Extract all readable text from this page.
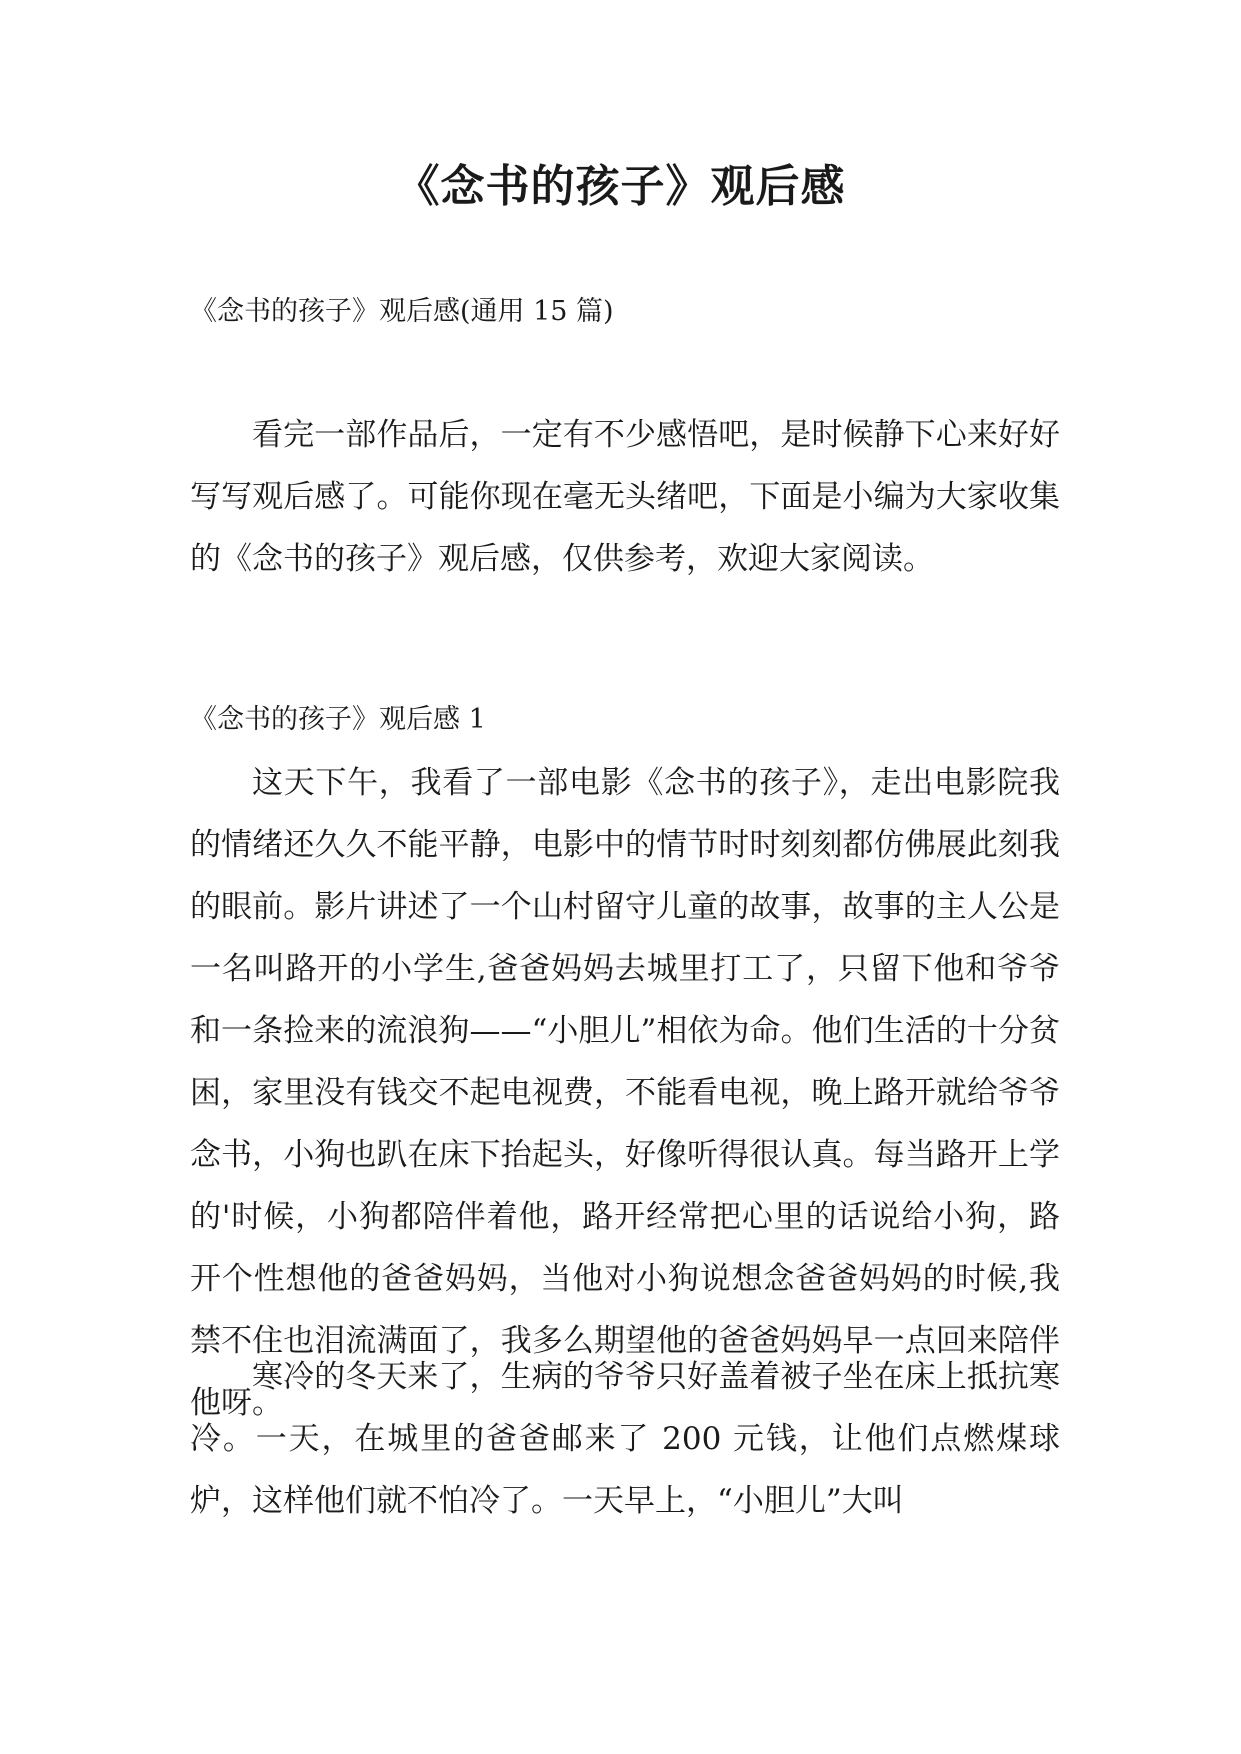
《念书的孩子》观后感
《念书的孩子》观后感(通用 15 篇)

看完一部作品后，一定有不少感悟吧，是时候静下心来好好写写观后感了。可能你现在毫无头绪吧，下面是小编为大家收集的《念书的孩子》观后感，仅供参考，欢迎大家阅读。

《念书的孩子》观后感 1

这天下午，我看了一部电影《念书的孩子》，走出电影院我的情绪还久久不能平静，电影中的情节时时刻刻都仿佛展此刻我的眼前。影片讲述了一个山村留守儿童的故事，故事的主人公是一名叫路开的小学生,爸爸妈妈去城里打工了，只留下他和爷爷和一条捡来的流浪狗——“小胆儿”相依为命。他们生活的十分贫困，家里没有钱交不起电视费，不能看电视，晚上路开就给爷爷念书，小狗也趴在床下抬起头，好像听得很认真。每当路开上学的'时候，小狗都陪伴着他，路开经常把心里的话说给小狗，路开个性想他的爸爸妈妈，当他对小狗说想念爸爸妈妈的时候,我禁不住也泪流满面了，我多么期望他的爸爸妈妈早一点回来陪伴他呀。

寒冷的冬天来了，生病的爷爷只好盖着被子坐在床上抵抗寒冷。一天，在城里的爸爸邮来了 200 元钱，让他们点燃煤球炉，这样他们就不怕冷了。一天早上，“小胆儿”大叫
